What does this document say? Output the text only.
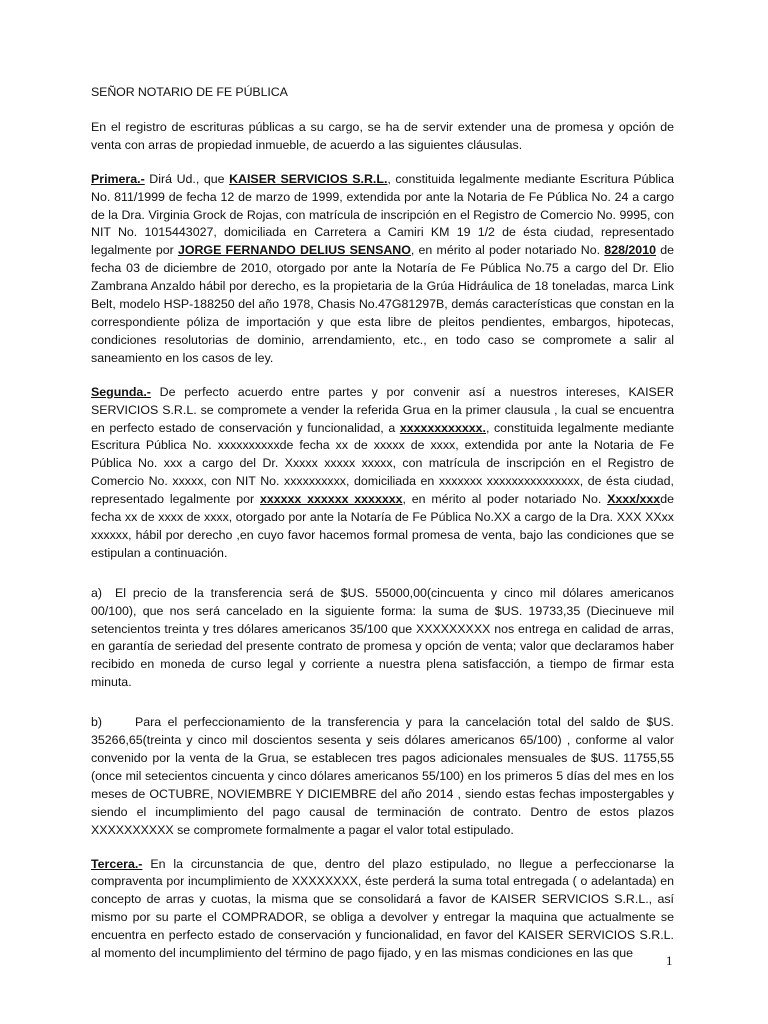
SEÑOR NOTARIO DE FE PÚBLICA

En el registro de escrituras públicas a su cargo, se ha de servir extender una de promesa y opción de venta con arras de propiedad inmueble, de acuerdo a las siguientes cláusulas.

Primera.- Dirá Ud., que KAISER SERVICIOS S.R.L., constituida legalmente mediante Escritura Pública No. 811/1999 de fecha 12 de marzo de 1999, extendida por ante la Notaria de Fe Pública No. 24 a cargo de la Dra. Virginia Grock de Rojas, con matrícula de inscripción en el Registro de Comercio No. 9995, con NIT No. 1015443027, domiciliada en Carretera a Camiri KM 19 1/2 de ésta ciudad, representado legalmente por JORGE FERNANDO DELIUS SENSANO, en mérito al poder notariado No. 828/2010 de fecha 03 de diciembre de 2010, otorgado por ante la Notaría de Fe Pública No.75 a cargo del Dr. Elio Zambrana Anzaldo hábil por derecho, es la propietaria de la Grúa Hidráulica de 18 toneladas, marca Link Belt, modelo HSP-188250 del año 1978, Chasis No.47G81297B, demás características que constan en la correspondiente póliza de importación y que esta libre de pleitos pendientes, embargos, hipotecas, condiciones resolutorias de dominio, arrendamiento, etc., en todo caso se compromete a salir al saneamiento en los casos de ley.

Segunda.- De perfecto acuerdo entre partes y por convenir así a nuestros intereses, KAISER SERVICIOS S.R.L. se compromete a vender la referida Grua en la primer clausula , la cual se encuentra en perfecto estado de conservación y funcionalidad, a xxxxxxxxxxxx., constituida legalmente mediante Escritura Pública No. xxxxxxxxxxde fecha xx de xxxxx de xxxx, extendida por ante la Notaria de Fe Pública No. xxx a cargo del Dr. Xxxxx xxxxx xxxxx, con matrícula de inscripción en el Registro de Comercio No. xxxxx, con NIT No. xxxxxxxxxx, domiciliada en xxxxxxx xxxxxxxxxxxxxxx, de ésta ciudad, representado legalmente por xxxxxx xxxxxx xxxxxxx, en mérito al poder notariado No. Xxxx/xxxde fecha xx de xxxx de xxxx, otorgado por ante la Notaría de Fe Pública No.XX a cargo de la Dra. XXX XXxx xxxxxx, hábil por derecho ,en cuyo favor hacemos formal promesa de venta, bajo las condiciones que se estipulan a continuación.

a) El precio de la transferencia será de $US. 55000,00(cincuenta y cinco mil dólares americanos 00/100), que nos será cancelado en la siguiente forma: la suma de $US. 19733,35 (Diecinueve mil setencientos treinta y tres dólares americanos 35/100 que XXXXXXXXX nos entrega en calidad de arras, en garantía de seriedad del presente contrato de promesa y opción de venta; valor que declaramos haber recibido en moneda de curso legal y corriente a nuestra plena satisfacción, a tiempo de firmar esta minuta.

b)	Para el perfeccionamiento de la transferencia y para la cancelación total del saldo de $US. 35266,65(treinta y cinco mil doscientos sesenta y seis dólares americanos 65/100) , conforme al valor convenido por la venta de la Grua, se establecen tres pagos adicionales mensuales de $US. 11755,55 (once mil setecientos cincuenta y cinco dólares americanos 55/100) en los primeros 5 días del mes en los meses de OCTUBRE, NOVIEMBRE Y DICIEMBRE del año 2014 , siendo estas fechas impostergables y siendo el incumplimiento del pago causal de terminación de contrato. Dentro de estos plazos XXXXXXXXXX se compromete formalmente a pagar el valor total estipulado.

Tercera.- En la circunstancia de que, dentro del plazo estipulado, no llegue a perfeccionarse la compraventa por incumplimiento de XXXXXXXX, éste perderá la suma total entregada ( o adelantada) en concepto de arras y cuotas, la misma que se consolidará a favor de KAISER SERVICIOS S.R.L., así mismo por su parte el COMPRADOR, se obliga a devolver y entregar la maquina que actualmente se encuentra en perfecto estado de conservación y funcionalidad, en favor del KAISER SERVICIOS S.R.L. al momento del incumplimiento del término de pago fijado, y en las mismas condiciones en las que	1
